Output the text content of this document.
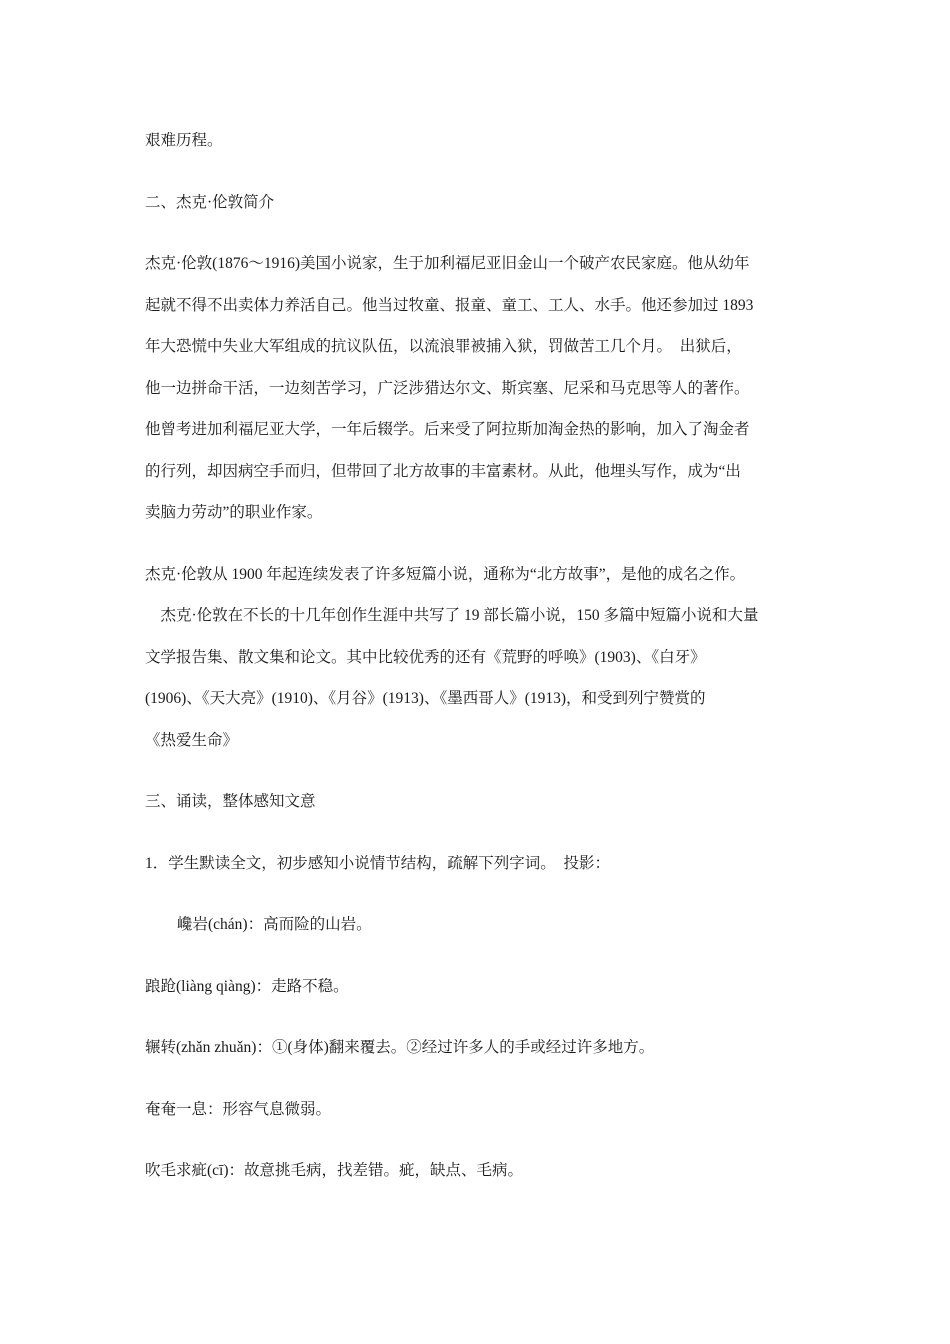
艰难历程。
二、杰克·伦敦简介
杰克·伦敦(1876～1916)美国小说家，生于加利福尼亚旧金山一个破产农民家庭。他从幼年
起就不得不出卖体力养活自己。他当过牧童、报童、童工、工人、水手。他还参加过 1893
年大恐慌中失业大军组成的抗议队伍，以流浪罪被捕入狱，罚做苦工几个月。　出狱后，
他一边拼命干活，一边刻苦学习，广泛涉猎达尔文、斯宾塞、尼采和马克思等人的著作。
他曾考进加利福尼亚大学，一年后辍学。后来受了阿拉斯加淘金热的影响，加入了淘金者
的行列，却因病空手而归，但带回了北方故事的丰富素材。从此，他埋头写作，成为“出
卖脑力劳动”的职业作家。
杰克·伦敦从 1900 年起连续发表了许多短篇小说，通称为“北方故事”，是他的成名之作。
　杰克·伦敦在不长的十几年创作生涯中共写了 19 部长篇小说，150 多篇中短篇小说和大量
文学报告集、散文集和论文。其中比较优秀的还有《荒野的呼唤》(1903)、《白牙》
(1906)、《天大亮》(1910)、《月谷》(1913)、《墨西哥人》(1913)，和受到列宁赞赏的
《热爱生命》
三、诵读，整体感知文意
1．学生默读全文，初步感知小说情节结构，疏解下列字词。　投影：
巉岩(chán)：高而险的山岩。
踉跄(liàng qiàng)：走路不稳。
辗转(zhǎn zhuǎn)：①(身体)翻来覆去。②经过许多人的手或经过许多地方。
奄奄一息：形容气息微弱。
吹毛求疵(cī)：故意挑毛病，找差错。疵，缺点、毛病。
